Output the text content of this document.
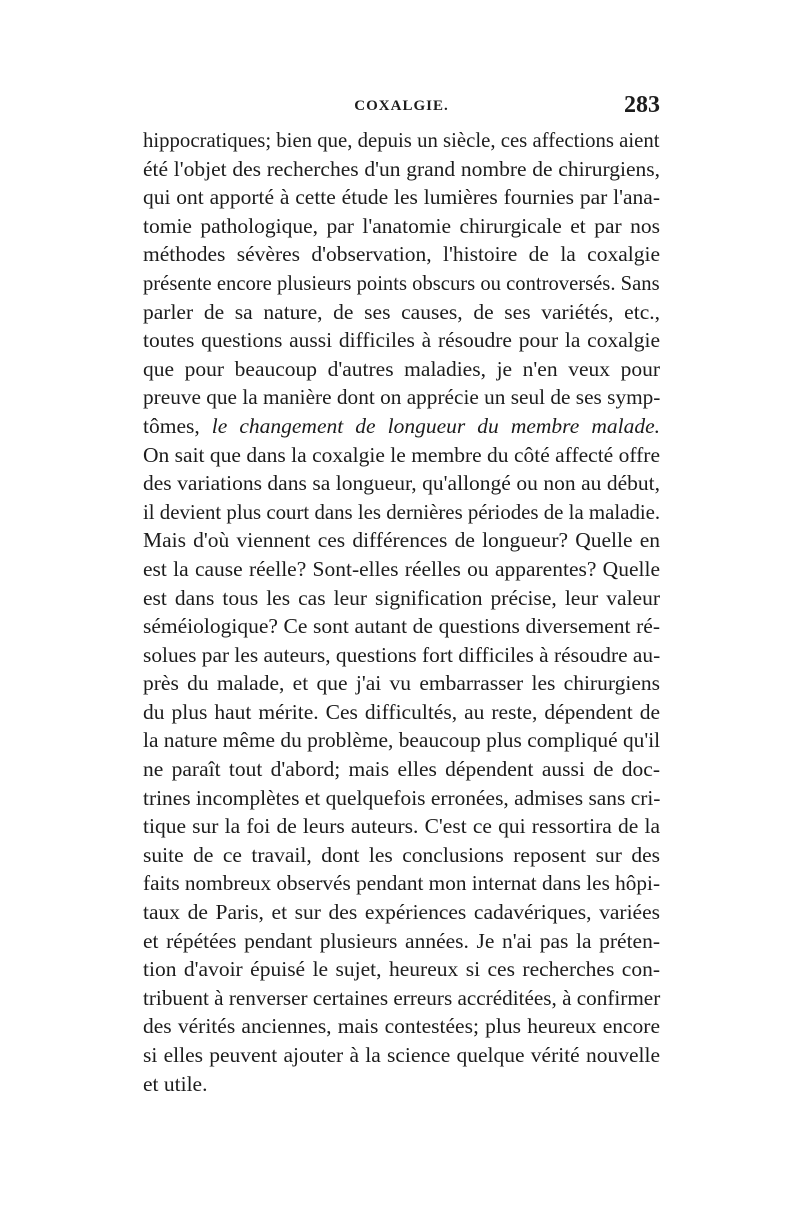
COXALGIE.	283
hippocratiques; bien que, depuis un siècle, ces affections aient
été l'objet des recherches d'un grand nombre de chirurgiens,
qui ont apporté à cette étude les lumières fournies par l'ana-
tomie pathologique, par l'anatomie chirurgicale et par nos
méthodes sévères d'observation, l'histoire de la coxalgie
présente encore plusieurs points obscurs ou controversés. Sans
parler de sa nature, de ses causes, de ses variétés, etc.,
toutes questions aussi difficiles à résoudre pour la coxalgie
que pour beaucoup d'autres maladies, je n'en veux pour
preuve que la manière dont on apprécie un seul de ses symp-
tômes, le changement de longueur du membre malade.
On sait que dans la coxalgie le membre du côté affecté offre
des variations dans sa longueur, qu'allongé ou non au début,
il devient plus court dans les dernières périodes de la maladie.
Mais d'où viennent ces différences de longueur? Quelle en
est la cause réelle? Sont-elles réelles ou apparentes? Quelle
est dans tous les cas leur signification précise, leur valeur
séméiologique? Ce sont autant de questions diversement ré-
solues par les auteurs, questions fort difficiles à résoudre au-
près du malade, et que j'ai vu embarrasser les chirurgiens
du plus haut mérite. Ces difficultés, au reste, dépendent de
la nature même du problème, beaucoup plus compliqué qu'il
ne paraît tout d'abord; mais elles dépendent aussi de doc-
trines incomplètes et quelquefois erronées, admises sans cri-
tique sur la foi de leurs auteurs. C'est ce qui ressortira de la
suite de ce travail, dont les conclusions reposent sur des
faits nombreux observés pendant mon internat dans les hôpi-
taux de Paris, et sur des expériences cadavériques, variées
et répétées pendant plusieurs années. Je n'ai pas la préten-
tion d'avoir épuisé le sujet, heureux si ces recherches con-
tribuent à renverser certaines erreurs accréditées, à confirmer
des vérités anciennes, mais contestées; plus heureux encore
si elles peuvent ajouter à la science quelque vérité nouvelle
et utile.
